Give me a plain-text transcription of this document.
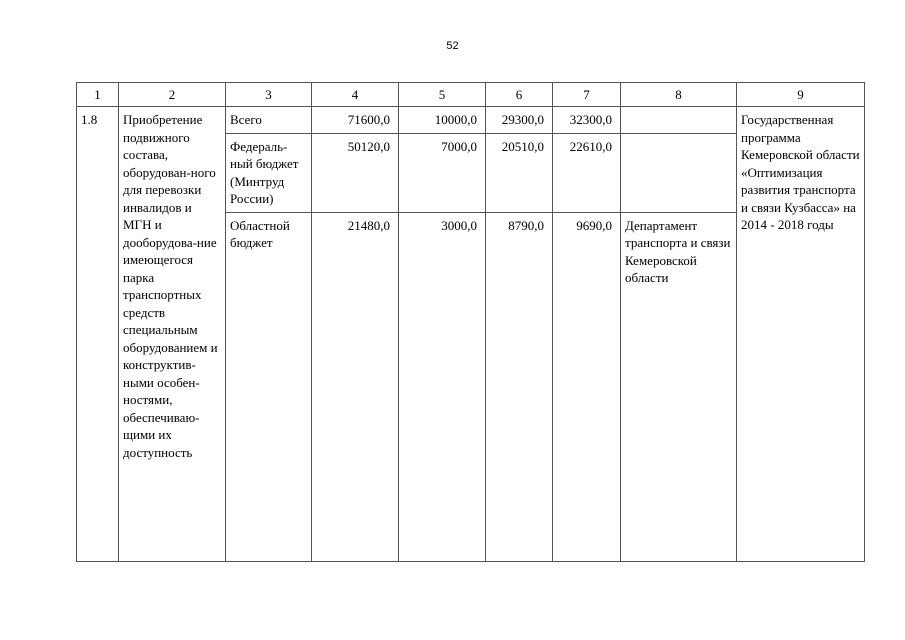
52
1	2	3	4	5	6	7	8	9
1.8	Приобретение подвижного состава, оборудован-ного для перевозки инвалидов и МГН и дооборудова-ние имеющегося парка транспортных средств специальным оборудованием и конструктив-ными особен-ностями, обеспечиваю-щими их доступность	Всего	71600,0	10000,0	29300,0	32300,0		Государственная программа Кемеровской области «Оптимизация развития транспорта и связи Кузбасса» на 2014 - 2018 годы
		Федераль-ный бюджет (Минтруд России)	50120,0	7000,0	20510,0	22610,0		
		Областной бюджет	21480,0	3000,0	8790,0	9690,0	Департамент транспорта и связи Кемеровской области	
